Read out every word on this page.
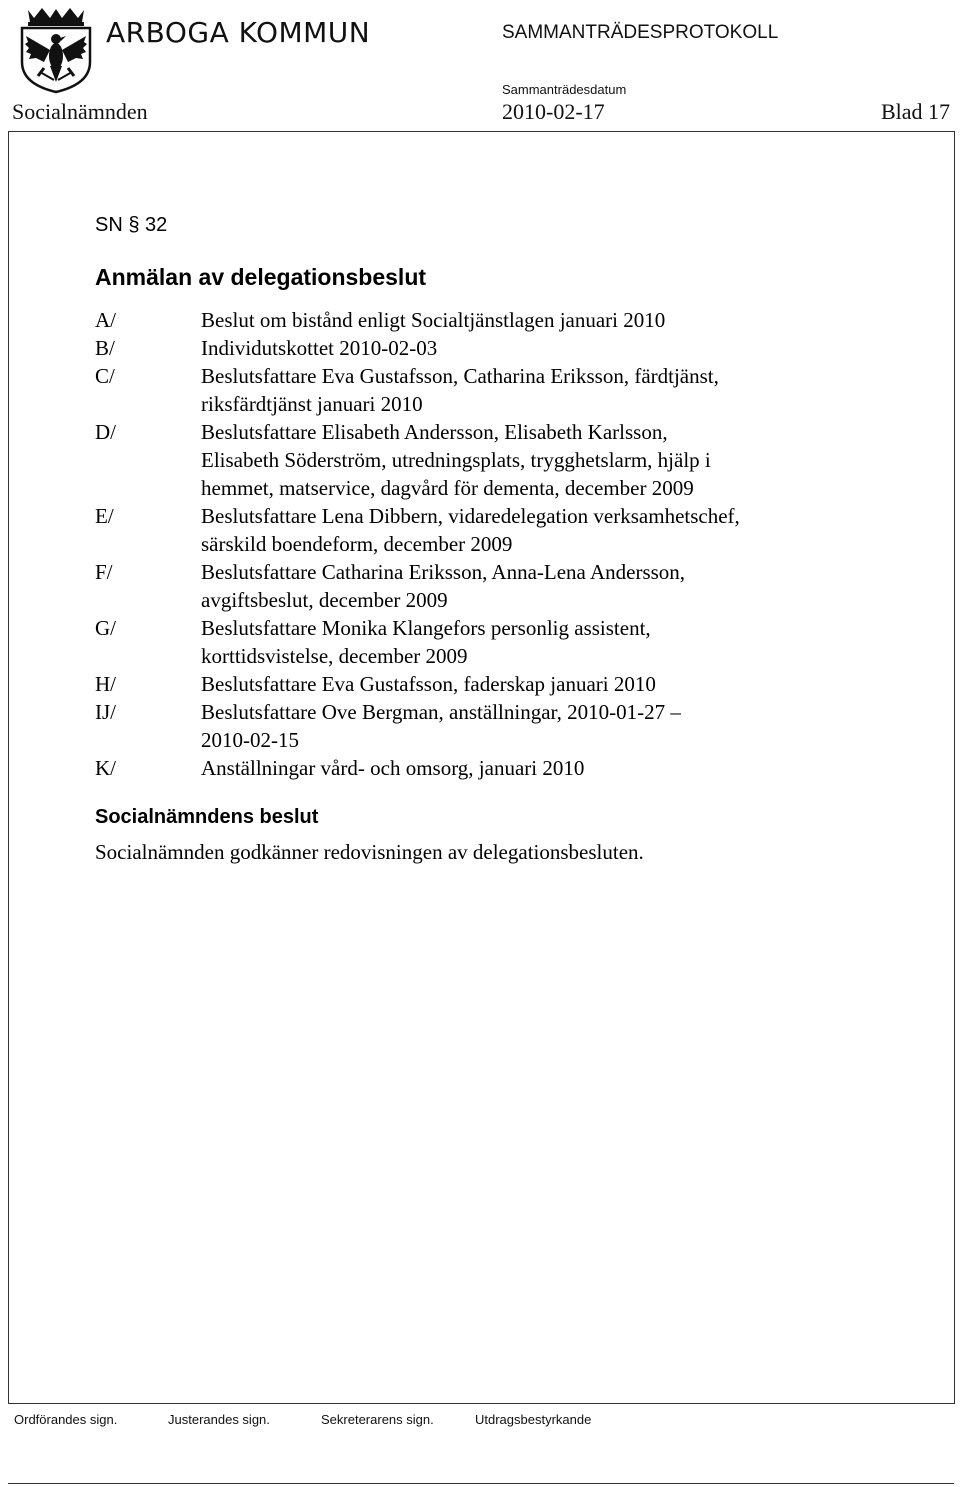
ARBOGA KOMMUN	SAMMANTRÄDESPROTOKOLL
Sammanträdesdatum
Socialnämnden	2010-02-17	Blad 17
SN § 32
Anmälan av delegationsbeslut
A/	Beslut om bistånd enligt Socialtjänstlagen januari 2010
B/	Individutskottet 2010-02-03
C/	Beslutsfattare Eva Gustafsson, Catharina Eriksson, färdtjänst,
riksfärdtjänst januari 2010
D/	Beslutsfattare Elisabeth Andersson, Elisabeth Karlsson,
Elisabeth Söderström, utredningsplats, trygghetslarm, hjälp i
hemmet, matservice, dagvård för dementa, december 2009
E/	Beslutsfattare Lena Dibbern, vidaredelegation verksamhetschef,
särskild boendeform, december 2009
F/	Beslutsfattare Catharina Eriksson, Anna-Lena Andersson,
avgiftsbeslut, december 2009
G/	Beslutsfattare Monika Klangefors personlig assistent,
korttidsvistelse, december 2009
H/	Beslutsfattare Eva Gustafsson, faderskap januari 2010
IJ/	Beslutsfattare Ove Bergman, anställningar, 2010-01-27 –
2010-02-15
K/	Anställningar vård- och omsorg, januari 2010
Socialnämndens beslut
Socialnämnden godkänner redovisningen av delegationsbesluten.
Ordförandes sign.	Justerandes sign.	Sekreterarens sign.	Utdragsbestyrkande
